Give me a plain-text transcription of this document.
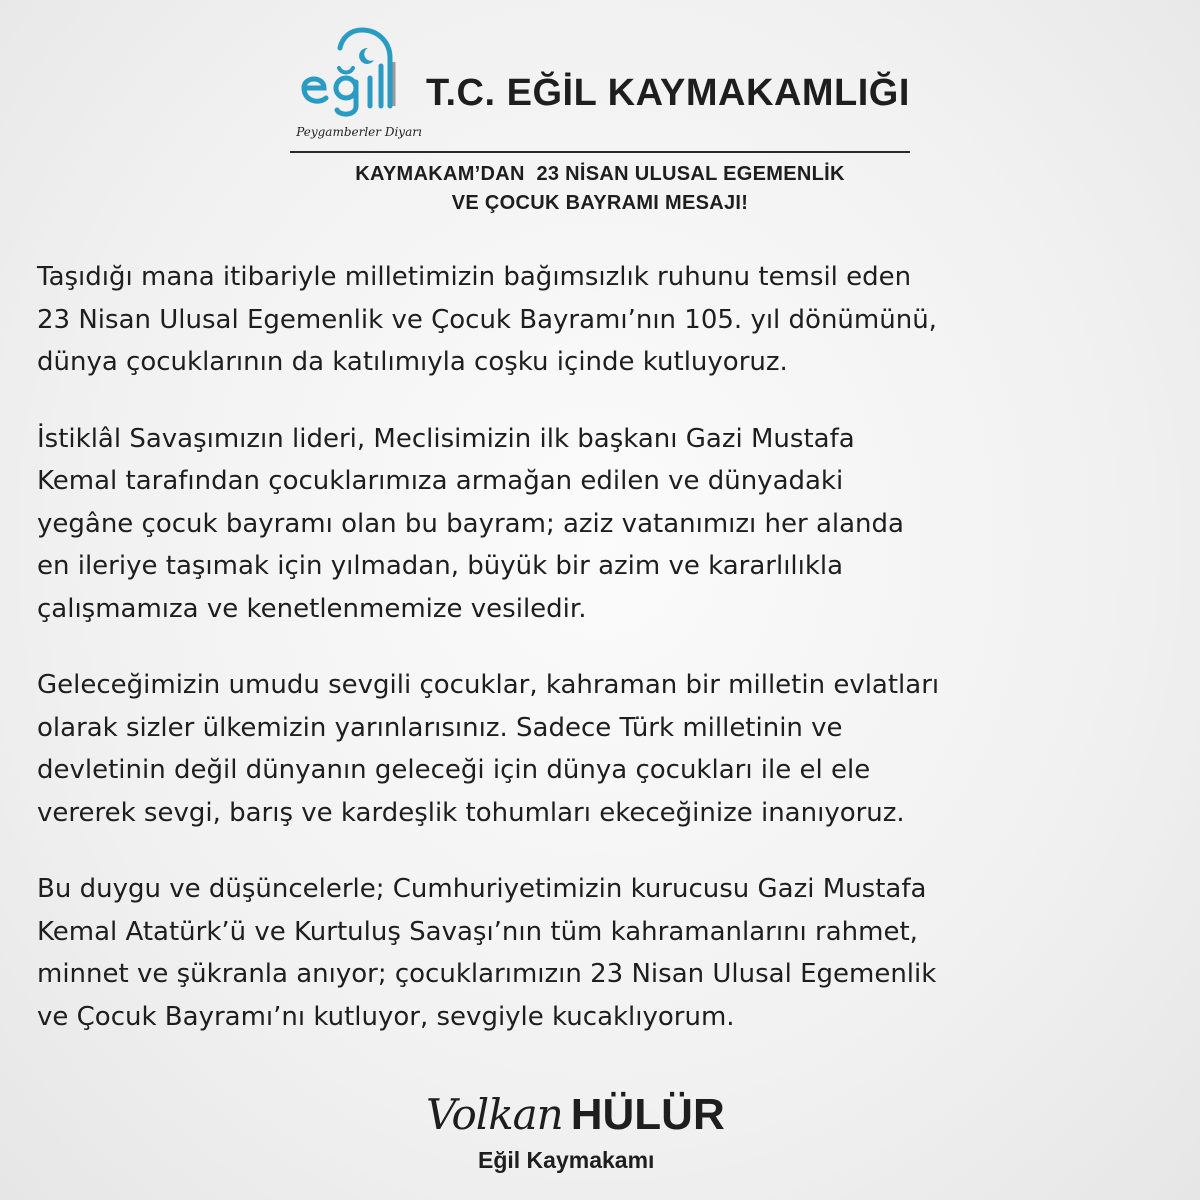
Peygamberler Diyarı
T.C. EĞİL KAYMAKAMLIĞI
KAYMAKAM’DAN  23 NİSAN ULUSAL EGEMENLİK
VE ÇOCUK BAYRAMI MESAJI!

Taşıdığı mana itibariyle milletimizin bağımsızlık ruhunu temsil eden
23 Nisan Ulusal Egemenlik ve Çocuk Bayramı’nın 105. yıl dönümünü,
dünya çocuklarının da katılımıyla coşku içinde kutluyoruz.

İstiklâl Savaşımızın lideri, Meclisimizin ilk başkanı Gazi Mustafa
Kemal tarafından çocuklarımıza armağan edilen ve dünyadaki
yegâne çocuk bayramı olan bu bayram; aziz vatanımızı her alanda
en ileriye taşımak için yılmadan, büyük bir azim ve kararlılıkla
çalışmamıza ve kenetlenmemize vesiledir.

Geleceğimizin umudu sevgili çocuklar, kahraman bir milletin evlatları
olarak sizler ülkemizin yarınlarısınız. Sadece Türk milletinin ve
devletinin değil dünyanın geleceği için dünya çocukları ile el ele
vererek sevgi, barış ve kardeşlik tohumları ekeceğinize inanıyoruz.

Bu duygu ve düşüncelerle; Cumhuriyetimizin kurucusu Gazi Mustafa
Kemal Atatürk’ü ve Kurtuluş Savaşı’nın tüm kahramanlarını rahmet,
minnet ve şükranla anıyor; çocuklarımızın 23 Nisan Ulusal Egemenlik
ve Çocuk Bayramı’nı kutluyor, sevgiyle kucaklıyorum.

Volkan HÜLÜR
Eğil Kaymakamı
